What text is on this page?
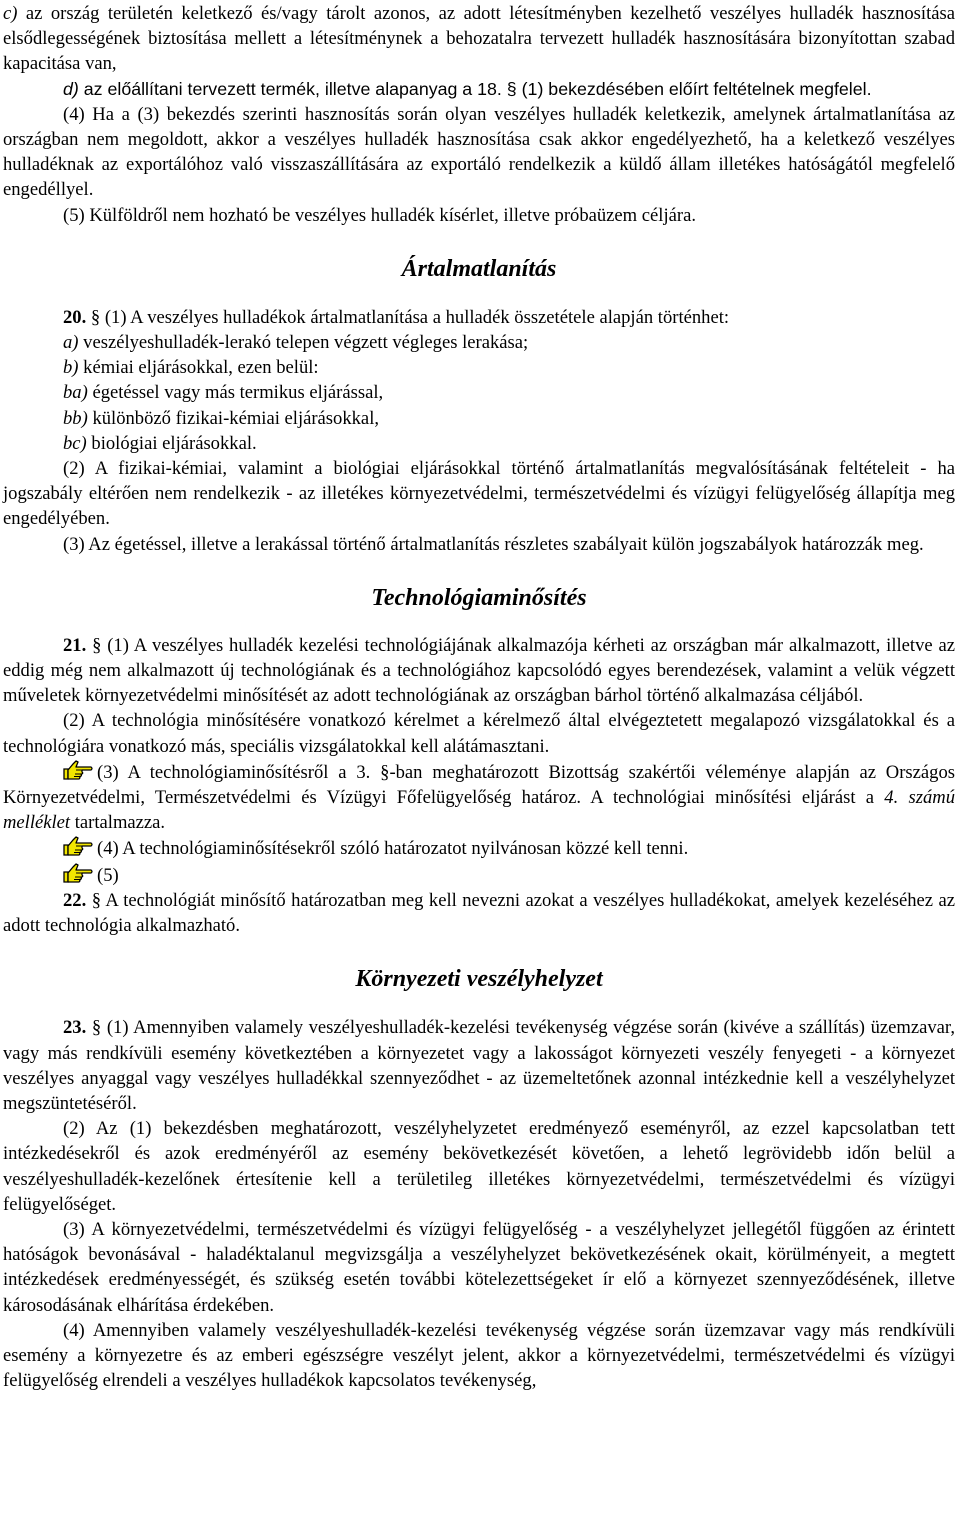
c) az ország területén keletkező és/vagy tárolt azonos, az adott létesítményben kezelhető veszélyes hulladék hasznosítása elsődlegességének biztosítása mellett a létesítménynek a behozatalra tervezett hulladék hasznosítására bizonyítottan szabad kapacitása van,

d) az előállítani tervezett termék, illetve alapanyag a 18. § (1) bekezdésében előírt feltételnek megfelel.

(4) Ha a (3) bekezdés szerinti hasznosítás során olyan veszélyes hulladék keletkezik, amelynek ártalmatlanítása az országban nem megoldott, akkor a veszélyes hulladék hasznosítása csak akkor engedélyezhető, ha a keletkező veszélyes hulladéknak az exportálóhoz való visszaszállítására az exportáló rendelkezik a küldő állam illetékes hatóságától megfelelő engedéllyel.

(5) Külföldről nem hozható be veszélyes hulladék kísérlet, illetve próbaüzem céljára.

Ártalmatlanítás

20. § (1) A veszélyes hulladékok ártalmatlanítása a hulladék összetétele alapján történhet:

a) veszélyeshulladék-lerakó telepen végzett végleges lerakása;

b) kémiai eljárásokkal, ezen belül:

ba) égetéssel vagy más termikus eljárással,

bb) különböző fizikai-kémiai eljárásokkal,

bc) biológiai eljárásokkal.

(2) A fizikai-kémiai, valamint a biológiai eljárásokkal történő ártalmatlanítás megvalósításának feltételeit - ha jogszabály eltérően nem rendelkezik - az illetékes környezetvédelmi, természetvédelmi és vízügyi felügyelőség állapítja meg engedélyében.

(3) Az égetéssel, illetve a lerakással történő ártalmatlanítás részletes szabályait külön jogszabályok határozzák meg.

Technológiaminősítés

21. § (1) A veszélyes hulladék kezelési technológiájának alkalmazója kérheti az országban már alkalmazott, illetve az eddig még nem alkalmazott új technológiának és a technológiához kapcsolódó egyes berendezések, valamint a velük végzett műveletek környezetvédelmi minősítését az adott technológiának az országban bárhol történő alkalmazása céljából.

(2) A technológia minősítésére vonatkozó kérelmet a kérelmező által elvégeztetett megalapozó vizsgálatokkal és a technológiára vonatkozó más, speciális vizsgálatokkal kell alátámasztani.

(3) A technológiaminősítésről a 3. §-ban meghatározott Bizottság szakértői véleménye alapján az Országos Környezetvédelmi, Természetvédelmi és Vízügyi Főfelügyelőség határoz. A technológiai minősítési eljárást a 4. számú melléklet tartalmazza.

(4) A technológiaminősítésekről szóló határozatot nyilvánosan közzé kell tenni.

(5)

22. § A technológiát minősítő határozatban meg kell nevezni azokat a veszélyes hulladékokat, amelyek kezeléséhez az adott technológia alkalmazható.

Környezeti veszélyhelyzet

23. § (1) Amennyiben valamely veszélyeshulladék-kezelési tevékenység végzése során (kivéve a szállítás) üzemzavar, vagy más rendkívüli esemény következtében a környezetet vagy a lakosságot környezeti veszély fenyegeti - a környezet veszélyes anyaggal vagy veszélyes hulladékkal szennyeződhet - az üzemeltetőnek azonnal intézkednie kell a veszélyhelyzet megszüntetéséről.

(2) Az (1) bekezdésben meghatározott, veszélyhelyzetet eredményező eseményről, az ezzel kapcsolatban tett intézkedésekről és azok eredményéről az esemény bekövetkezését követően, a lehető legrövidebb időn belül a veszélyeshulladék-kezelőnek értesítenie kell a területileg illetékes környezetvédelmi, természetvédelmi és vízügyi felügyelőséget.

(3) A környezetvédelmi, természetvédelmi és vízügyi felügyelőség - a veszélyhelyzet jellegétől függően az érintett hatóságok bevonásával - haladéktalanul megvizsgálja a veszélyhelyzet bekövetkezésének okait, körülményeit, a megtett intézkedések eredményességét, és szükség esetén további kötelezettségeket ír elő a környezet szennyeződésének, illetve károsodásának elhárítása érdekében.

(4) Amennyiben valamely veszélyeshulladék-kezelési tevékenység végzése során üzemzavar vagy más rendkívüli esemény a környezetre és az emberi egészségre veszélyt jelent, akkor a környezetvédelmi, természetvédelmi és vízügyi felügyelőség elrendeli a veszélyes hulladékok kapcsolatos tevékenység,
